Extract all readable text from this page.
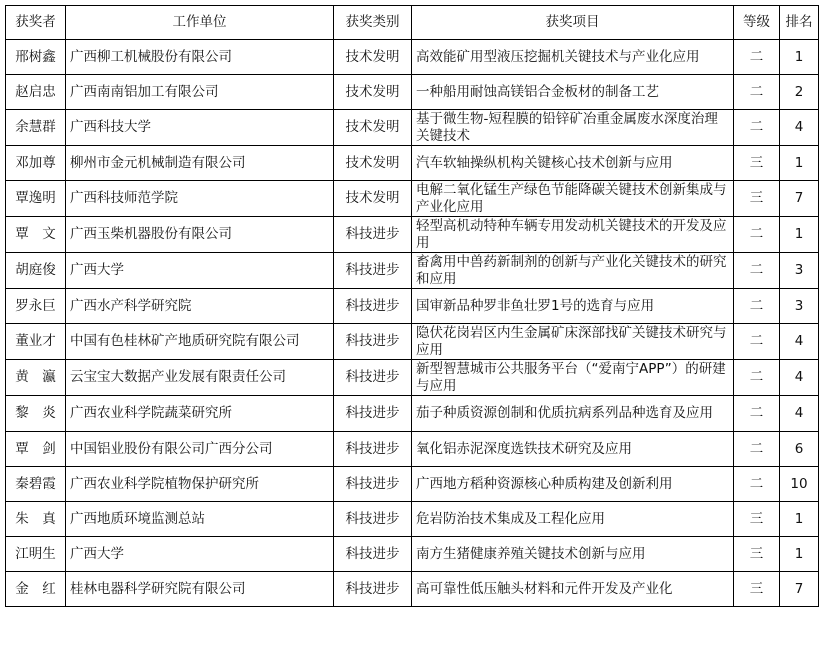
获奖者	工作单位	获奖类别	获奖项目	等级	排名
邢树鑫	广西柳工机械股份有限公司	技术发明	高效能矿用型液压挖掘机关键技术与产业化应用	二	1
赵启忠	广西南南铝加工有限公司	技术发明	一种船用耐蚀高镁铝合金板材的制备工艺	二	2
余慧群	广西科技大学	技术发明	基于微生物-短程膜的铅锌矿冶重金属废水深度治理关键技术	二	4
邓加尊	柳州市金元机械制造有限公司	技术发明	汽车软轴操纵机构关键核心技术创新与应用	三	1
覃逸明	广西科技师范学院	技术发明	电解二氧化锰生产绿色节能降碳关键技术创新集成与产业化应用	三	7
覃　文	广西玉柴机器股份有限公司	科技进步	轻型高机动特种车辆专用发动机关键技术的开发及应用	二	1
胡庭俊	广西大学	科技进步	畜禽用中兽药新制剂的创新与产业化关键技术的研究和应用	二	3
罗永巨	广西水产科学研究院	科技进步	国审新品种罗非鱼壮罗1号的选育与应用	二	3
董业才	中国有色桂林矿产地质研究院有限公司	科技进步	隐伏花岗岩区内生金属矿床深部找矿关键技术研究与应用	二	4
黄　瀛	云宝宝大数据产业发展有限责任公司	科技进步	新型智慧城市公共服务平台（“爱南宁APP”）的研建与应用	二	4
黎　炎	广西农业科学院蔬菜研究所	科技进步	茄子种质资源创制和优质抗病系列品种选育及应用	二	4
覃　剑	中国铝业股份有限公司广西分公司	科技进步	氧化铝赤泥深度选铁技术研究及应用	二	6
秦碧霞	广西农业科学院植物保护研究所	科技进步	广西地方稻种资源核心种质构建及创新利用	二	10
朱　真	广西地质环境监测总站	科技进步	危岩防治技术集成及工程化应用	三	1
江明生	广西大学	科技进步	南方生猪健康养殖关键技术创新与应用	三	1
金　红	桂林电器科学研究院有限公司	科技进步	高可靠性低压触头材料和元件开发及产业化	三	7
